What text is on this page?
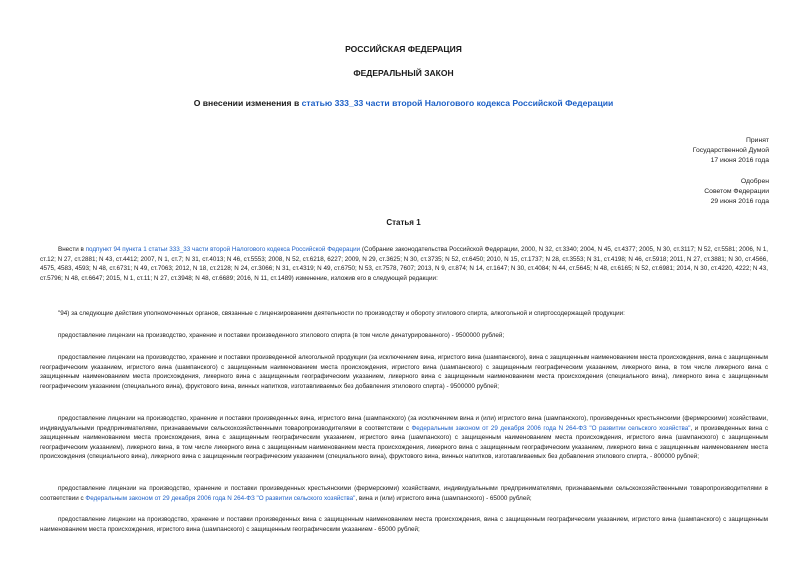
РОССИЙСКАЯ ФЕДЕРАЦИЯ
ФЕДЕРАЛЬНЫЙ ЗАКОН
О внесении изменения в статью 333_33 части второй Налогового кодекса Российской Федерации
Принят
Государственной Думой
17 июня 2016 года
Одобрен
Советом Федерации
29 июня 2016 года
Статья 1
Внести в подпункт 94 пункта 1 статьи 333_33 части второй Налогового кодекса Российской Федерации (Собрание законодательства Российской Федерации, 2000, N 32, ст.3340; 2004, N 45, ст.4377; 2005, N 30, ст.3117; N 52, ст.5581; 2006, N 1, ст.12; N 27, ст.2881; N 43, ст.4412; 2007, N 1, ст.7; N 31, ст.4013; N 46, ст.5553; 2008, N 52, ст.6218, 6227; 2009, N 29, ст.3625; N 30, ст.3735; N 52, ст.6450; 2010, N 15, ст.1737; N 28, ст.3553; N 31, ст.4198; N 46, ст.5918; 2011, N 27, ст.3881; N 30, ст.4566, 4575, 4583, 4593; N 48, ст.6731; N 49, ст.7063; 2012, N 18, ст.2128; N 24, ст.3066; N 31, ст.4319; N 49, ст.6750; N 53, ст.7578, 7607; 2013, N 9, ст.874; N 14, ст.1647; N 30, ст.4084; N 44, ст.5645; N 48, ст.6165; N 52, ст.6981; 2014, N 30, ст.4220, 4222; N 43, ст.5796; N 48, ст.6647; 2015, N 1, ст.11; N 27, ст.3948; N 48, ст.6689; 2016, N 11, ст.1489) изменение, изложив его в следующей редакции:
"94) за следующие действия уполномоченных органов, связанные с лицензированием деятельности по производству и обороту этилового спирта, алкогольной и спиртосодержащей продукции:
предоставление лицензии на производство, хранение и поставки произведенного этилового спирта (в том числе денатурированного) - 9500000 рублей;
предоставление лицензии на производство, хранение и поставки произведенной алкогольной продукции (за исключением вина, игристого вина (шампанского), вина с защищенным наименованием места происхождения, вина с защищенным географическим указанием, игристого вина (шампанского) с защищенным наименованием места происхождения, игристого вина (шампанского) с защищенным географическим указанием, ликерного вина, в том числе ликерного вина с защищенным наименованием места происхождения, ликерного вина с защищенным географическим указанием, ликерного вина с защищенным наименованием места происхождения (специального вина), ликерного вина с защищенным географическим указанием (специального вина), фруктового вина, винных напитков, изготавливаемых без добавления этилового спирта) - 9500000 рублей;
предоставление лицензии на производство, хранение и поставки произведенных вина, игристого вина (шампанского) (за исключением вина и (или) игристого вина (шампанского), произведенных крестьянскими (фермерскими) хозяйствами, индивидуальными предпринимателями, признаваемыми сельскохозяйственными товаропроизводителями в соответствии с Федеральным законом от 29 декабря 2006 года N 264-ФЗ "О развитии сельского хозяйства", и произведенных вина с защищенным наименованием места происхождения, вина с защищенным географическим указанием, игристого вина (шампанского) с защищенным наименованием места происхождения, игристого вина (шампанского) с защищенным географическим указанием), ликерного вина, в том числе ликерного вина с защищенным наименованием места происхождения, ликерного вина с защищенным географическим указанием, ликерного вина с защищенным наименованием места происхождения (специального вина), ликерного вина с защищенным географическим указанием (специального вина), фруктового вина, винных напитков, изготавливаемых без добавления этилового спирта, - 800000 рублей;
предоставление лицензии на производство, хранение и поставки произведенных крестьянскими (фермерскими) хозяйствами, индивидуальными предпринимателями, признаваемыми сельскохозяйственными товаропроизводителями в соответствии с Федеральным законом от 29 декабря 2006 года N 264-ФЗ "О развитии сельского хозяйства", вина и (или) игристого вина (шампанского) - 65000 рублей;
предоставление лицензии на производство, хранение и поставки произведенных вина с защищенным наименованием места происхождения, вина с защищенным географическим указанием, игристого вина (шампанского) с защищенным наименованием места происхождения, игристого вина (шампанского) с защищенным географическим указанием - 65000 рублей;
